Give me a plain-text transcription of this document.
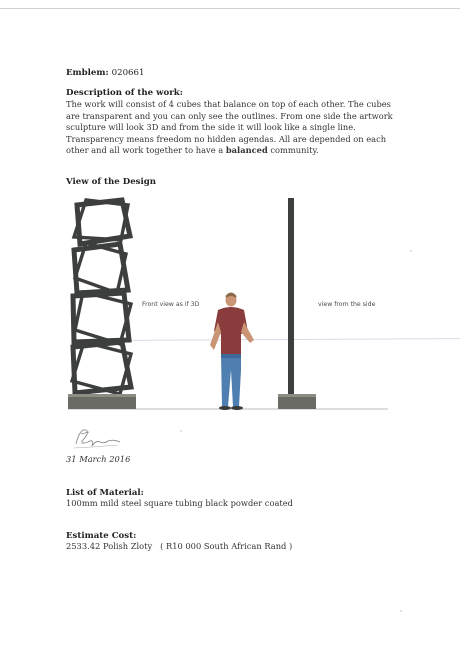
Emblem: 020661
Description of the work:
The work will consist of 4 cubes that balance on top of each other. The cubes are transparent and you can only see the outlines. From one side the artwork sculpture will look 3D and from the side it will look like a single line. Transparency means freedom no hidden agendas. All are depended on each other and all work together to have a balanced community.
View of the Design
Front view as if 3D	view from the side
31 March 2016
List of Material:
100mm mild steel square tubing black powder coated
Estimate Cost:
2533.42 Polish Zloty   ( R10 000 South African Rand )
